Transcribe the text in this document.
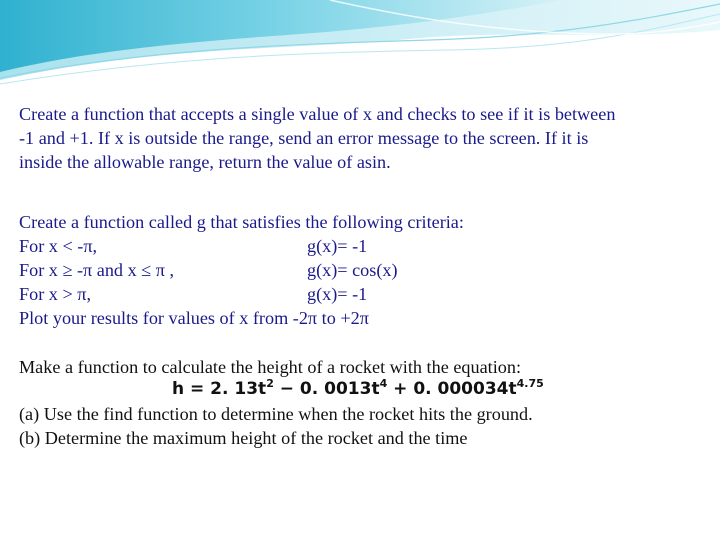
Create a function that accepts a single value of x and checks to see if it is between
-1 and +1. If x is outside the range, send an error message to the screen. If it is
inside the allowable range, return the value of asin.
Create a function called g that satisfies the following criteria:
For x < -π,	g(x)= -1
For x ≥ -π and x ≤ π ,	g(x)= cos(x)
For x > π,	g(x)= -1
Plot your results for values of x from -2π to +2π
Make a function to calculate the height of a rocket with the equation:
h = 2. $13t^2 - 0$. $0013t^4 + 0$. $000034t^{4.75}$
(a) Use the find function to determine when the rocket hits the ground.
(b) Determine the maximum height of the rocket and the time
